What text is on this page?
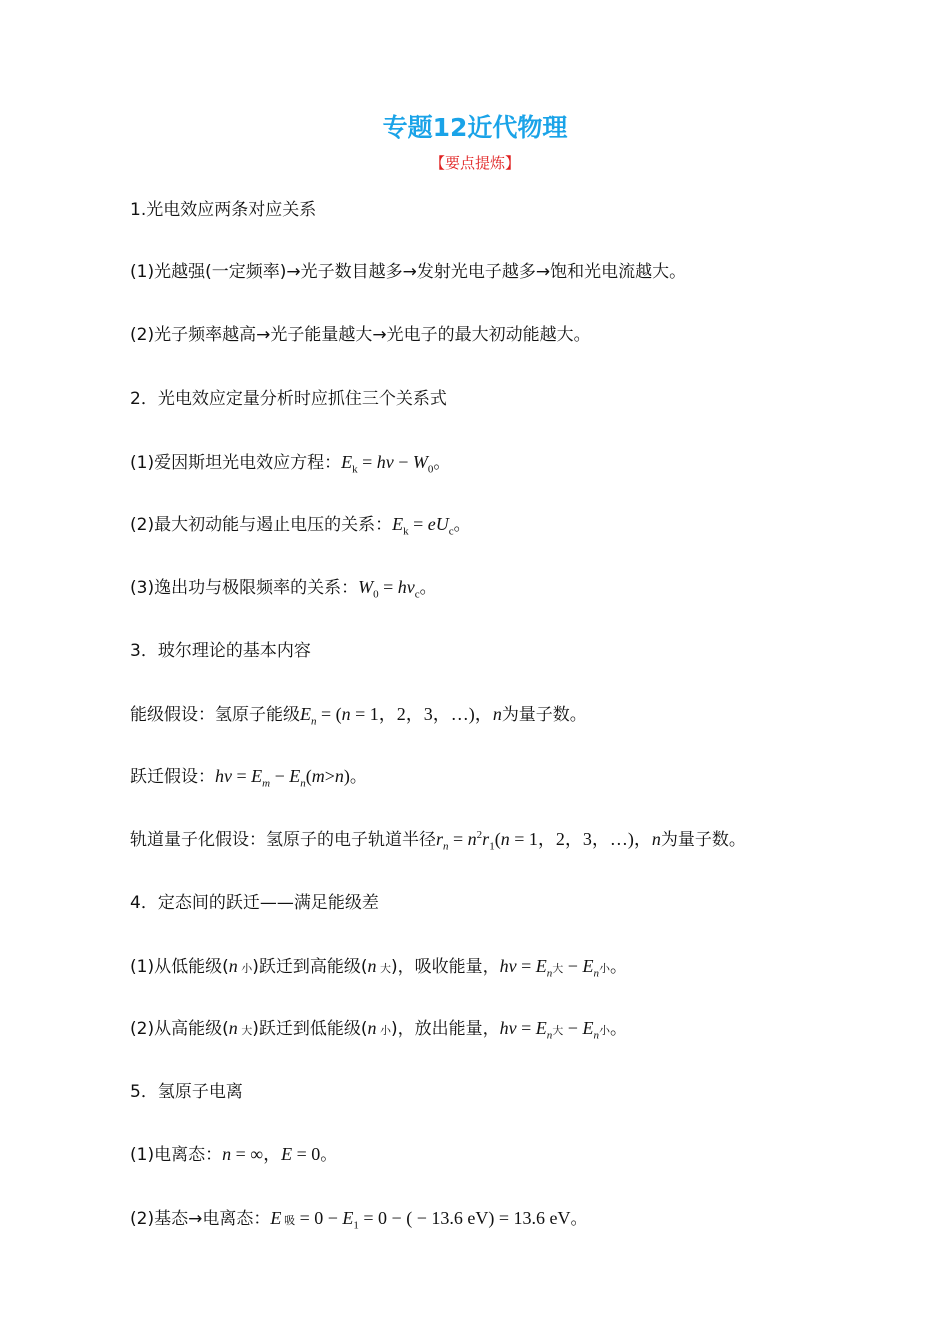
专题12近代物理
【要点提炼】
1.光电效应两条对应关系
(1)光越强(一定频率)→光子数目越多→发射光电子越多→饱和光电流越大。
(2)光子频率越高→光子能量越大→光电子的最大初动能越大。
2．光电效应定量分析时应抓住三个关系式
(1)爱因斯坦光电效应方程：$E_k = h\nu - W_0$。
(2)最大初动能与遏止电压的关系：$E_k = eU_c$。
(3)逸出功与极限频率的关系：$W_0 = h\nu_c$。
3．玻尔理论的基本内容
能级假设：氢原子能级$E_n = (n = 1$，2，3，…)，n为量子数。
跃迁假设：$h\nu = E_m - E_n(m>n)$。
轨道量子化假设：氢原子的电子轨道半径$r_n = n^2r_1(n = 1$，2，3，…)，n为量子数。
4．定态间的跃迁——满足能级差
(1)从低能级(n 小)跃迁到高能级(n 大)，吸收能量，$h\nu = E_n$大 − $E_n$小。
(2)从高能级(n 大)跃迁到低能级(n 小)，放出能量，$h\nu = E_n$大 − $E_n$小。
5．氢原子电离
(1)电离态：n = ∞，E = 0。
(2)基态→电离态：E 吸 = $0 - E_1 = 0$ − ( − 13.6 eV) = 13.6 eV。
